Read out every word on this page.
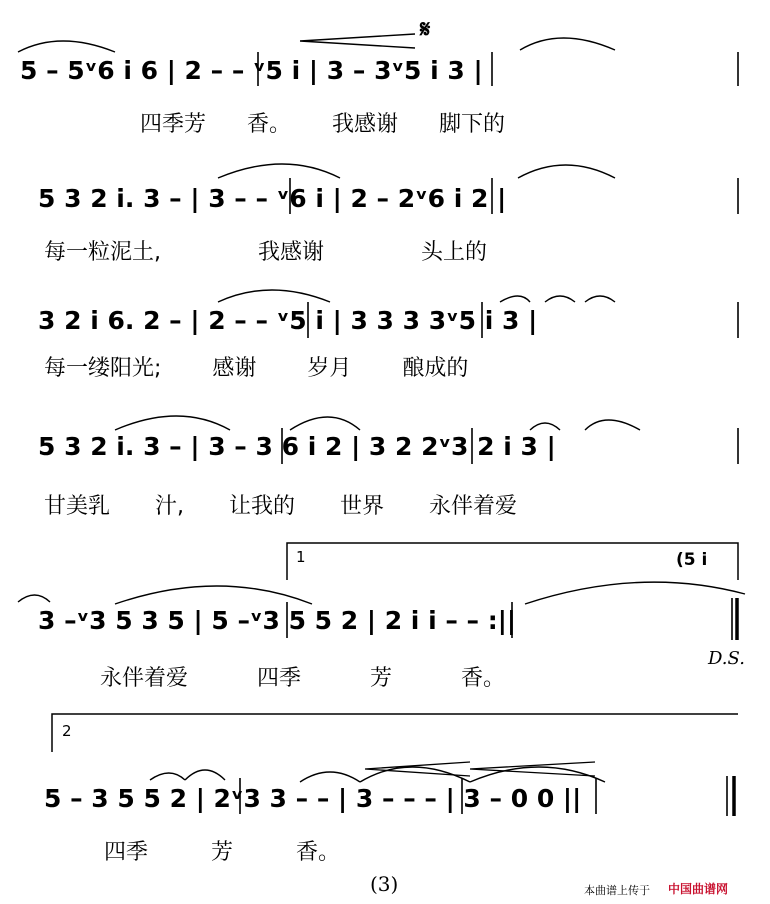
𝄋
5 – 5ᵛ6 i 6 | 2 – – ᵛ5 i | 3 – 3ᵛ5 i 3 |
四季芳 香。 我感谢 脚下的
5 3 2 i. 3 – | 3 – – ᵛ6 i | 2 – 2ᵛ6 i 2 |
每一粒泥土, 我感谢 头上的
3 2 i 6. 2 – | 2 – – ᵛ5 i | 3 3 3 3ᵛ5 i 3 |
每一缕阳光; 感谢 岁月 酿成的
5 3 2 i. 3 – | 3 – 3 6 i 2 | 3 2 2ᵛ3 2 i 3 |
甘美乳 汁, 让我的 世界 永伴着爱
1	(5 i
3 –ᵛ3 5 3 5 | 5 –ᵛ3 5 5 2 | 2 i i – – :||
D.S.
永伴着爱 四季 芳 香。
2
5 – 3 5 5 2 | 2ᵛ3 3 – – | 3 – – – | 3 – 0 0 ||
四季 芳 香。
(3)	本曲谱上传于 中国曲谱网
